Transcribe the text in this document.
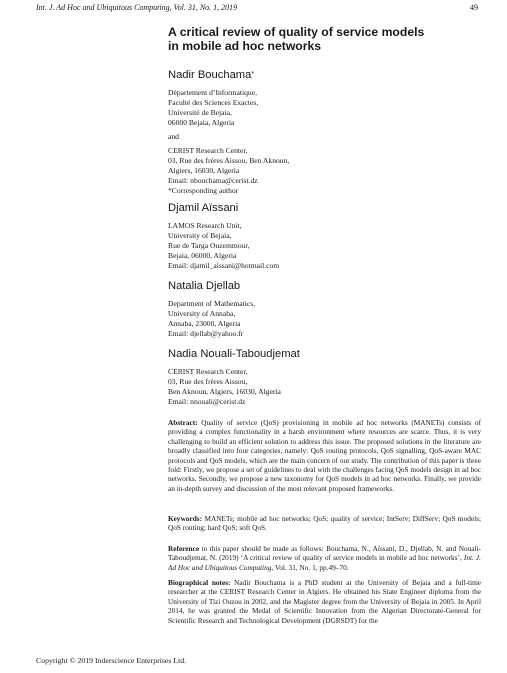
Int. J. Ad Hoc and Ubiquitous Computing, Vol. 31, No. 1, 2019	49
A critical review of quality of service models
in mobile ad hoc networks
Nadir Bouchama*
Département d’Informatique,
Faculté des Sciences Exactes,
Université de Bejaia,
06000 Bejaia, Algeria
and
CERIST Research Center,
03, Rue des frères Aissou, Ben Aknoun,
Algiers, 16030, Algeria
Email: nbouchama@cerist.dz
*Corresponding author
Djamil Aïssani
LAMOS Research Unit,
University of Bejaia,
Rue de Targa Ouzemmour,
Bejaia, 06000, Algeria
Email: djamil_aissani@hotmail.com
Natalia Djellab
Department of Mathematics,
University of Annaba,
Annaba, 23000, Algeria
Email: djellab@yahoo.fr
Nadia Nouali-Taboudjemat
CERIST Research Center,
03, Rue des frères Aissou,
Ben Aknoun, Algiers, 16030, Algeria
Email: nnouali@cerist.dz
Abstract: Quality of service (QoS) provisioning in mobile ad hoc networks (MANETs) consists of providing a complex functionality in a harsh environment where resources are scarce. Thus, it is very challenging to build an efficient solution to address this issue. The proposed solutions in the literature are broadly classified into four categories, namely: QoS routing protocols, QoS signalling, QoS-aware MAC protocols and QoS models, which are the main concern of our study. The contribution of this paper is three fold: Firstly, we propose a set of guidelines to deal with the challenges facing QoS models design in ad hoc networks. Secondly, we propose a new taxonomy for QoS models in ad hoc networks. Finally, we provide an in-depth survey and discussion of the most relevant proposed frameworks.
Keywords: MANETs; mobile ad hoc networks; QoS; quality of service; IntServ; DiffServ; QoS models; QoS routing; hard QoS; soft QoS.
Reference to this paper should be made as follows: Bouchama, N., Aïssani, D., Djellab, N. and Nouali-Taboudjemat, N. (2019) ‘A critical review of quality of service models in mobile ad hoc networks’, Int. J. Ad Hoc and Ubiquitous Computing, Vol. 31, No. 1, pp.49–70.
Biographical notes: Nadir Bouchama is a PhD student at the University of Bejaia and a full-time researcher at the CERIST Research Center in Algiers. He obtained his State Engineer diploma from the University of Tizi Ouzou in 2002, and the Magister degree from the University of Bejaia in 2005. In April 2014, he was granted the Medal of Scientific Innovation from the Algerian Directorate-General for Scientific Research and Technological Development (DGRSDT) for the
Copyright © 2019 Inderscience Enterprises Ltd.
